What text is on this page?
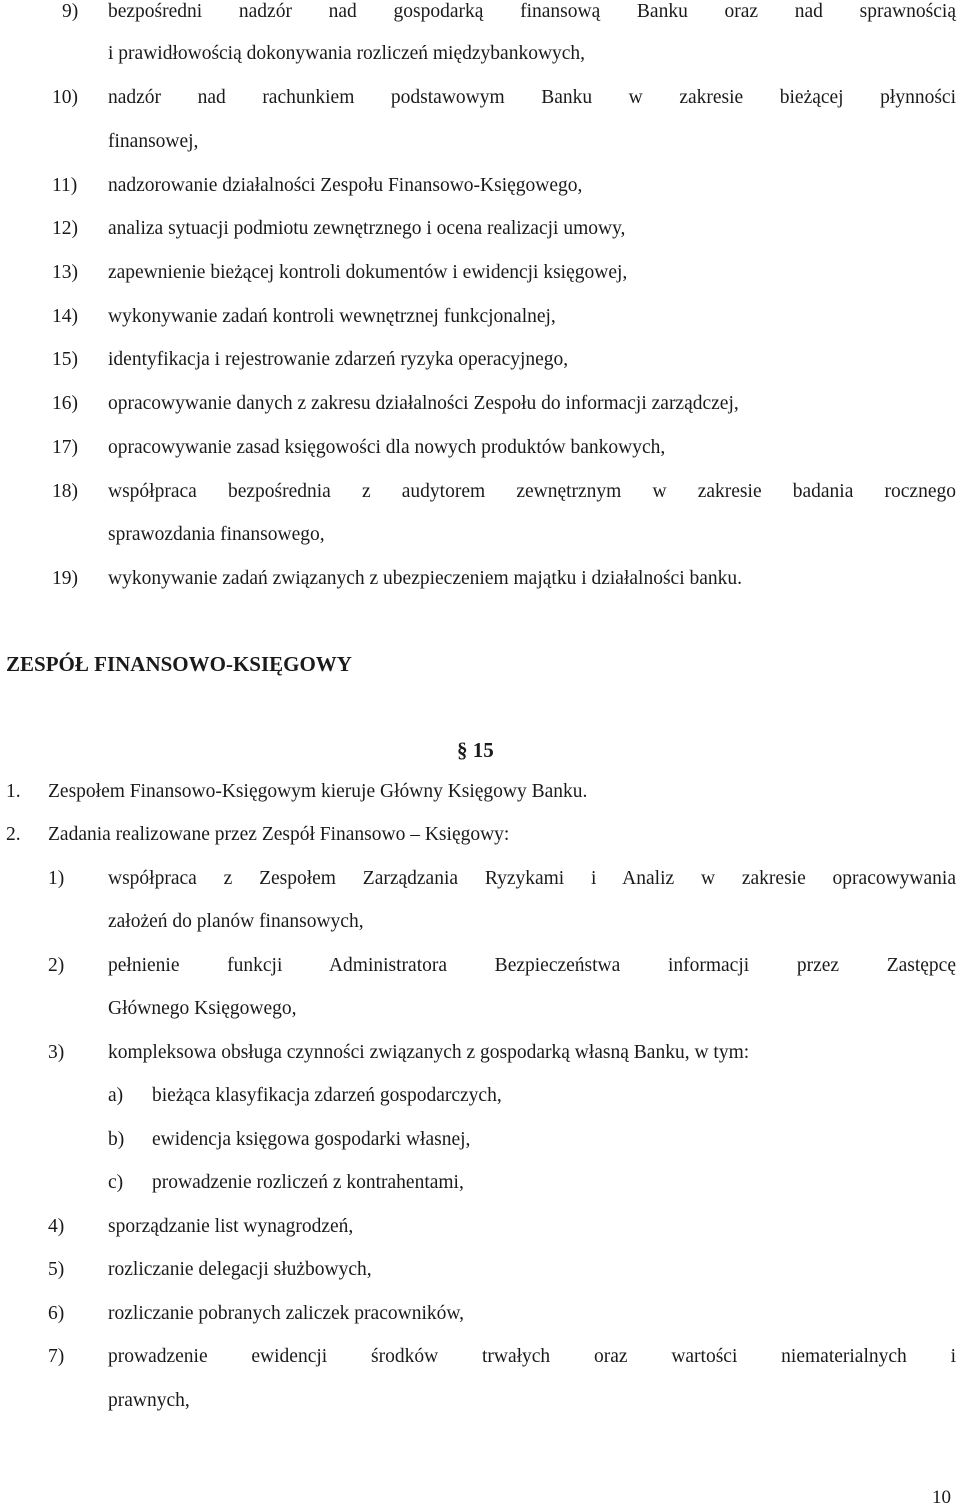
9) bezpośredni nadzór nad gospodarką finansową Banku oraz nad sprawnością
i prawidłowością dokonywania rozliczeń międzybankowych,
10) nadzór nad rachunkiem podstawowym Banku w zakresie bieżącej płynności
finansowej,
11) nadzorowanie działalności Zespołu Finansowo-Księgowego,
12) analiza sytuacji podmiotu zewnętrznego i ocena realizacji umowy,
13) zapewnienie bieżącej kontroli dokumentów i ewidencji księgowej,
14) wykonywanie zadań kontroli wewnętrznej funkcjonalnej,
15) identyfikacja i rejestrowanie zdarzeń ryzyka operacyjnego,
16) opracowywanie danych z zakresu działalności Zespołu do informacji zarządczej,
17) opracowywanie zasad księgowości dla nowych produktów bankowych,
18) współpraca bezpośrednia z audytorem zewnętrznym w zakresie badania rocznego
sprawozdania finansowego,
19) wykonywanie zadań związanych z ubezpieczeniem majątku i działalności banku.
ZESPÓŁ FINANSOWO-KSIĘGOWY
§ 15
1. Zespołem Finansowo-Księgowym kieruje Główny Księgowy Banku.
2. Zadania realizowane przez Zespół Finansowo – Księgowy:
1) współpraca z Zespołem Zarządzania Ryzykami i Analiz w zakresie opracowywania
założeń do planów finansowych,
2) pełnienie funkcji Administratora Bezpieczeństwa informacji przez Zastępcę
Głównego Księgowego,
3) kompleksowa obsługa czynności związanych z gospodarką własną Banku, w tym:
a) bieżąca klasyfikacja zdarzeń gospodarczych,
b) ewidencja księgowa gospodarki własnej,
c) prowadzenie rozliczeń z kontrahentami,
4) sporządzanie list wynagrodzeń,
5) rozliczanie delegacji służbowych,
6) rozliczanie pobranych zaliczek pracowników,
7) prowadzenie ewidencji środków trwałych oraz wartości niematerialnych i
prawnych,
10
